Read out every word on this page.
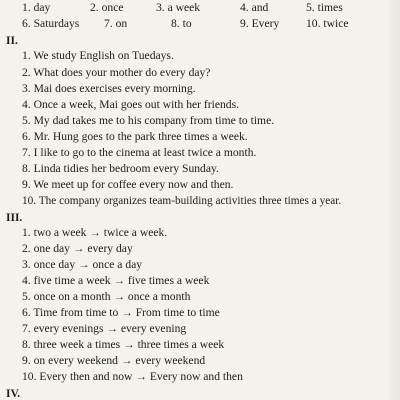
1. day	2. once	3. a week	4. and	5. times
6. Saturdays 7. on	8. to	9. Every 10. twice
II.
1. We study English on Tuedays.
2. What does your mother do every day?
3. Mai does exercises every morning.
4. Once a week, Mai goes out with her friends.
5. My dad takes me to his company from time to time.
6. Mr. Hung goes to the park three times a week.
7. I like to go to the cinema at least twice a month.
8. Linda tidies her bedroom every Sunday.
9. We meet up for coffee every now and then.
10. The company organizes team-building activities three times a year.
III.
1. two a week → twice a week.
2. one day → every day
3. once day → once a day
4. five time a week → five times a week
5. once on a month → once a month
6. Time from time to → From time to time
7. every evenings → every evening
8. three week a times → three times a week
9. on every weekend → every weekend
10. Every then and now → Every now and then
IV.
